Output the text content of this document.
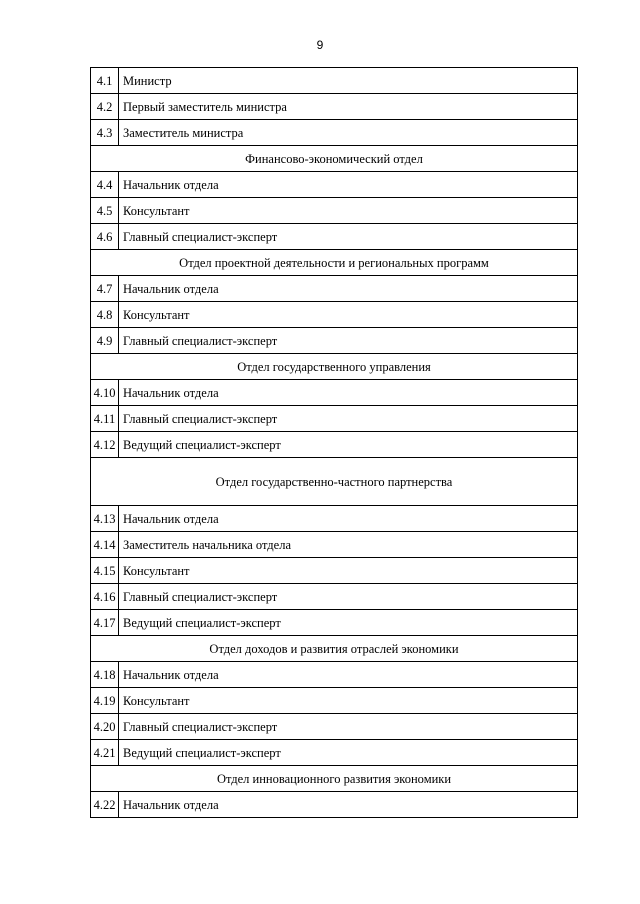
9
4.1	Министр
4.2	Первый заместитель министра
4.3	Заместитель министра
Финансово-экономический отдел	
4.4	Начальник отдела
4.5	Консультант
4.6	Главный специалист-эксперт
Отдел проектной деятельности и региональных программ	
4.7	Начальник отдела
4.8	Консультант
4.9	Главный специалист-эксперт
Отдел государственного управления	
4.10	Начальник отдела
4.11	Главный специалист-эксперт
4.12	Ведущий специалист-эксперт
Отдел государственно-частного партнерства	
4.13	Начальник отдела
4.14	Заместитель начальника отдела
4.15	Консультант
4.16	Главный специалист-эксперт
4.17	Ведущий специалист-эксперт
Отдел доходов и развития отраслей экономики	
4.18	Начальник отдела
4.19	Консультант
4.20	Главный специалист-эксперт
4.21	Ведущий специалист-эксперт
Отдел инновационного развития экономики	
4.22	Начальник отдела
